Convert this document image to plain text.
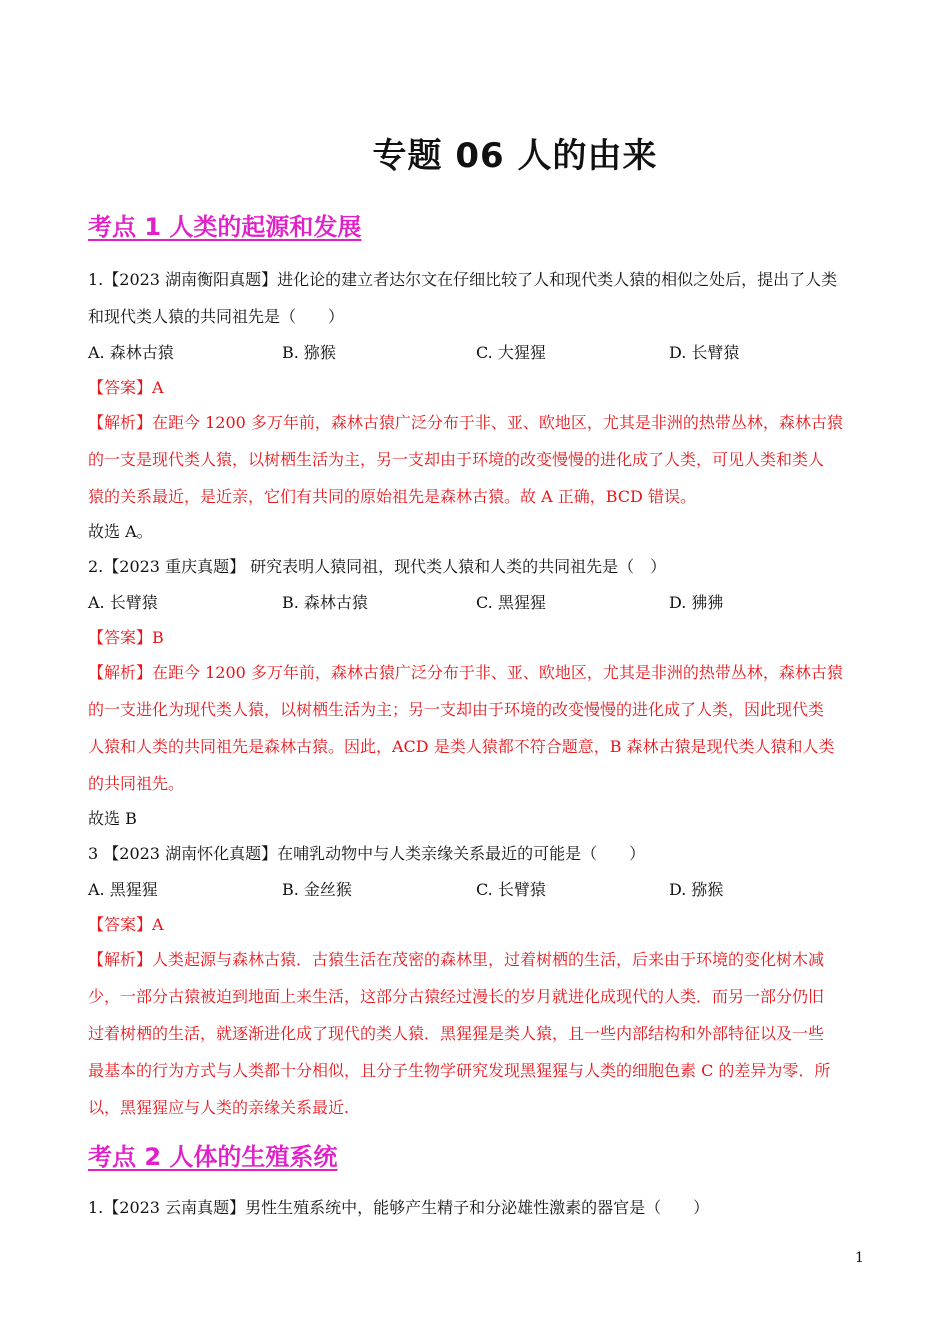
专题 06 人的由来
考点 1 人类的起源和发展
1.【2023 湖南衡阳真题】进化论的建立者达尔文在仔细比较了人和现代类人猿的相似之处后，提出了人类
和现代类人猿的共同祖先是（　　）
A. 森林古猿	B. 猕猴	C. 大猩猩	D. 长臂猿
【答案】A
【解析】在距今 1200 多万年前，森林古猿广泛分布于非、亚、欧地区，尤其是非洲的热带丛林，森林古猿
的一支是现代类人猿，以树栖生活为主，另一支却由于环境的改变慢慢的进化成了人类，可见人类和类人
猿的关系最近，是近亲，它们有共同的原始祖先是森林古猿。故 A 正确，BCD 错误。
故选 A。
2.【2023 重庆真题】 研究表明人猿同祖，现代类人猿和人类的共同祖先是（　）
A. 长臂猿	B. 森林古猿	C. 黑猩猩	D. 狒狒
【答案】B
【解析】在距今 1200 多万年前，森林古猿广泛分布于非、亚、欧地区，尤其是非洲的热带丛林，森林古猿
的一支进化为现代类人猿，以树栖生活为主；另一支却由于环境的改变慢慢的进化成了人类，因此现代类
人猿和人类的共同祖先是森林古猿。因此，ACD 是类人猿都不符合题意，B 森林古猿是现代类人猿和人类
的共同祖先。
故选 B
3 【2023 湖南怀化真题】在哺乳动物中与人类亲缘关系最近的可能是（　　）
A. 黑猩猩	B. 金丝猴	C. 长臂猿	D. 猕猴
【答案】A
【解析】人类起源与森林古猿．古猿生活在茂密的森林里，过着树栖的生活，后来由于环境的变化树木减
少，一部分古猿被迫到地面上来生活，这部分古猿经过漫长的岁月就进化成现代的人类．而另一部分仍旧
过着树栖的生活，就逐渐进化成了现代的类人猿．黑猩猩是类人猿，且一些内部结构和外部特征以及一些
最基本的行为方式与人类都十分相似，且分子生物学研究发现黑猩猩与人类的细胞色素 C 的差异为零．所
以，黑猩猩应与人类的亲缘关系最近.
考点 2 人体的生殖系统
1.【2023 云南真题】男性生殖系统中，能够产生精子和分泌雄性激素的器官是（　　）
1
